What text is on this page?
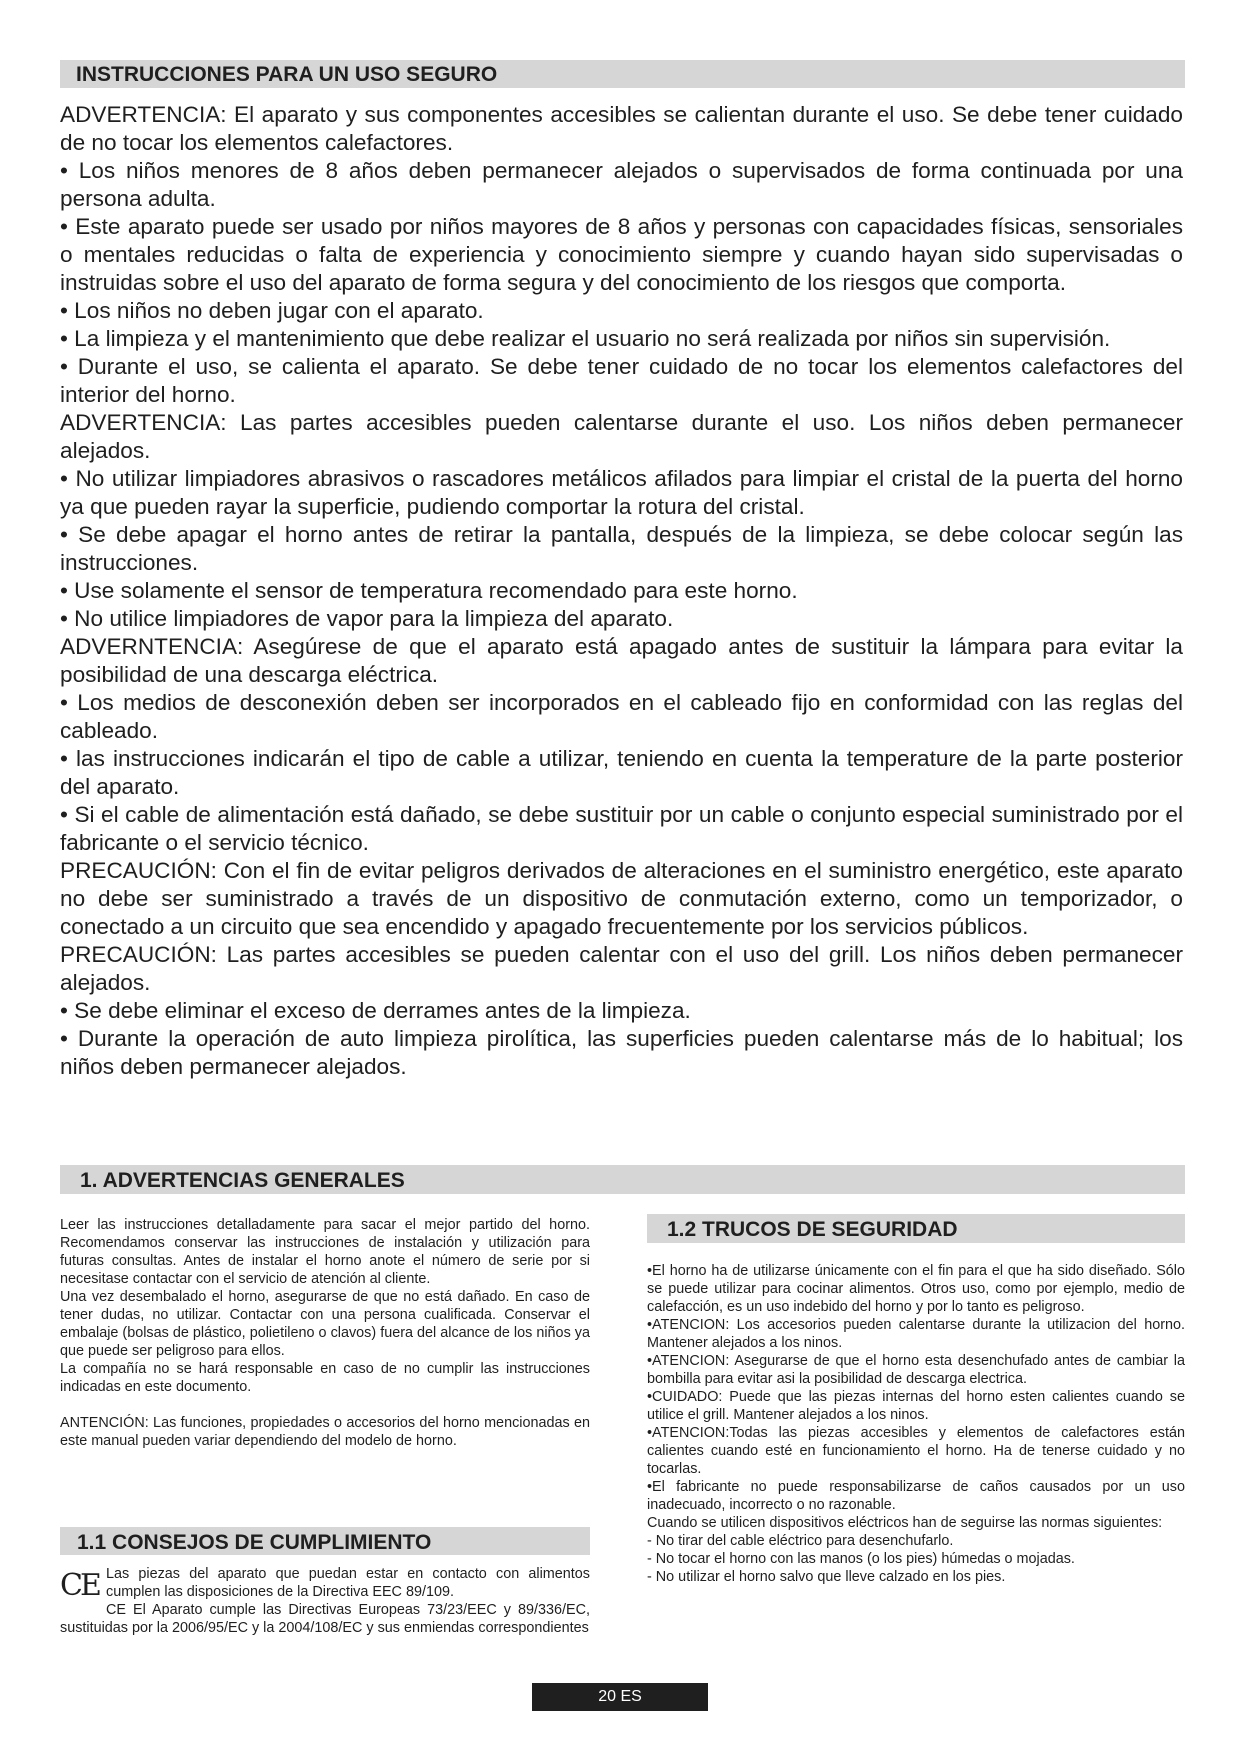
INSTRUCCIONES PARA UN USO SEGURO

ADVERTENCIA: El aparato y sus componentes accesibles se calientan durante el uso. Se debe tener cuidado de no tocar los elementos calefactores.

• Los niños menores de 8 años deben permanecer alejados o supervisados de forma continuada por una persona adulta.

• Este aparato puede ser usado por niños mayores de 8 años y personas con capacidades físicas, sensoriales o mentales reducidas o falta de experiencia y conocimiento siempre y cuando hayan sido supervisadas o instruidas sobre el uso del aparato de forma segura y del conocimiento de los riesgos que comporta.

• Los niños no deben jugar con el aparato.

• La limpieza y el mantenimiento que debe realizar el usuario no será realizada por niños sin supervisión.

• Durante el uso, se calienta el aparato. Se debe tener cuidado de no tocar los elementos calefactores del interior del horno.

ADVERTENCIA: Las partes accesibles pueden calentarse durante el uso. Los niños deben permanecer alejados.

• No utilizar limpiadores abrasivos o rascadores metálicos afilados para limpiar el cristal de la puerta del horno ya que pueden rayar la superficie, pudiendo comportar la rotura del cristal.

• Se debe apagar el horno antes de retirar la pantalla, después de la limpieza, se debe colocar según las instrucciones.

• Use solamente el sensor de temperatura recomendado para este horno.

• No utilice limpiadores de vapor para la limpieza del aparato.

ADVERNTENCIA: Asegúrese de que el aparato está apagado antes de sustituir la lámpara para evitar la posibilidad de una descarga eléctrica.

• Los medios de desconexión deben ser incorporados en el cableado fijo en conformidad con las reglas del cableado.

• las instrucciones indicarán el tipo de cable a utilizar, teniendo en cuenta la temperature de la parte posterior del aparato.

• Si el cable de alimentación está dañado, se debe sustituir por un cable o conjunto especial suministrado por el fabricante o el servicio técnico.

PRECAUCIÓN: Con el fin de evitar peligros derivados de alteraciones en el suministro energético, este aparato no debe ser suministrado a través de un dispositivo de conmutación externo, como un temporizador, o conectado a un circuito que sea encendido y apagado frecuentemente por los servicios públicos.

PRECAUCIÓN: Las partes accesibles se pueden calentar con el uso del grill. Los niños deben permanecer alejados.

• Se debe eliminar el exceso de derrames antes de la limpieza.

• Durante la operación de auto limpieza pirolítica, las superficies pueden calentarse más de lo habitual; los niños deben permanecer alejados.

1. ADVERTENCIAS GENERALES

Leer las instrucciones detalladamente para sacar el mejor partido del horno. Recomendamos conservar las instrucciones de instalación y utilización para futuras consultas. Antes de instalar el horno anote el número de serie por si necesitase contactar con el servicio de atención al cliente.

Una vez desembalado el horno, asegurarse de que no está dañado. En caso de tener dudas, no utilizar. Contactar con una persona cualificada. Conservar el embalaje (bolsas de plástico, polietileno o clavos) fuera del alcance de los niños ya que puede ser peligroso para ellos.

La compañía no se hará responsable en caso de no cumplir las instrucciones indicadas en este documento.

ANTENCIÓN: Las funciones, propiedades o accesorios del horno mencionadas en este manual pueden variar dependiendo del modelo de horno.

1.1 CONSEJOS DE CUMPLIMIENTO
CE Las piezas del aparato que puedan estar en contacto con alimentos cumplen las disposiciones de la Directiva EEC 89/109.

CE El Aparato cumple las Directivas Europeas 73/23/EEC y 89/336/EC, sustituidas por la 2006/95/EC y la 2004/108/EC y sus enmiendas correspondientes

1.2 TRUCOS DE SEGURIDAD

•El horno ha de utilizarse únicamente con el fin para el que ha sido diseñado. Sólo se puede utilizar para cocinar alimentos. Otros uso, como por ejemplo, medio de calefacción, es un uso indebido del horno y por lo tanto es peligroso.

•ATENCION: Los accesorios pueden calentarse durante la utilizacion del horno. Mantener alejados a los ninos.

•ATENCION: Asegurarse de que el horno esta desenchufado antes de cambiar la bombilla para evitar asi la posibilidad de descarga electrica.

•CUIDADO: Puede que las piezas internas del horno esten calientes cuando se utilice el grill. Mantener alejados a los ninos.

•ATENCION:Todas las piezas accesibles y elementos de calefactores están calientes cuando esté en funcionamiento el horno. Ha de tenerse cuidado y no tocarlas.

•El fabricante no puede responsabilizarse de caños causados por un uso inadecuado, incorrecto o no razonable.

Cuando se utilicen dispositivos eléctricos han de seguirse las normas siguientes:

- No tirar del cable eléctrico para desenchufarlo.

- No tocar el horno con las manos (o los pies) húmedas o mojadas.

- No utilizar el horno salvo que lleve calzado en los pies.

20 ES
